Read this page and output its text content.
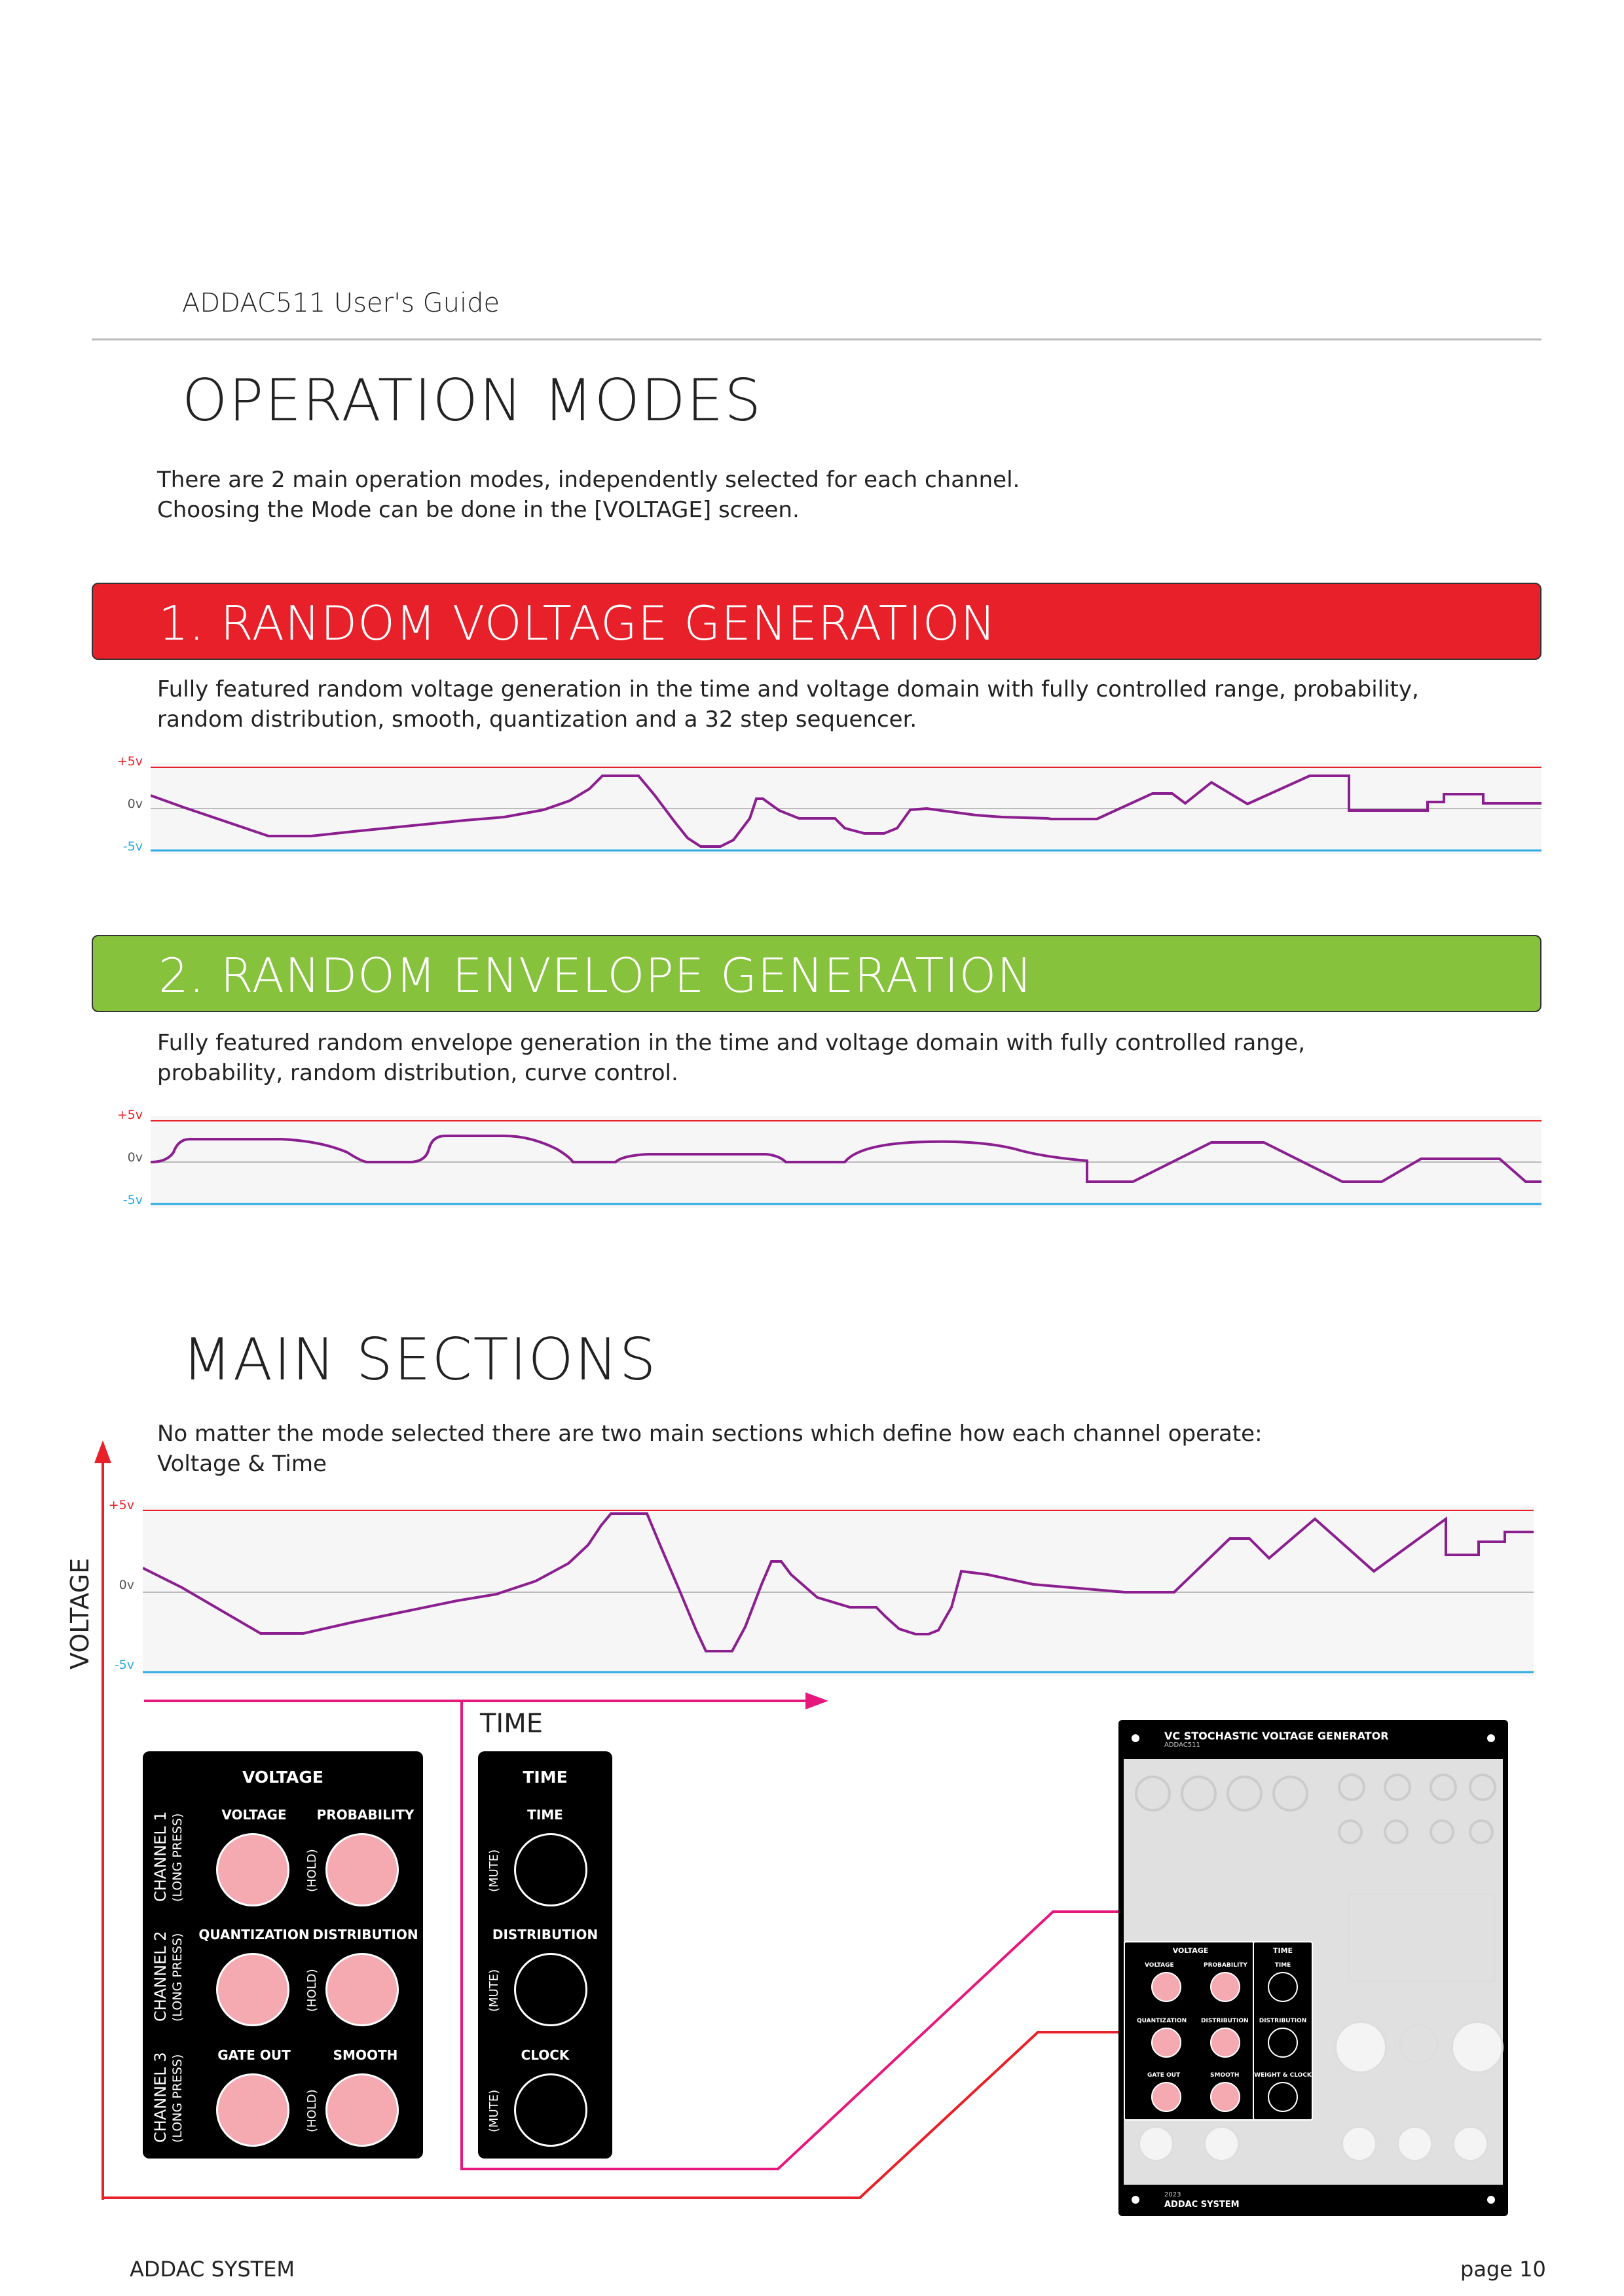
ADDAC511 User's Guide
OPERATION MODES
There are 2 main operation modes, independently selected for each channel.
Choosing the Mode can be done in the [VOLTAGE] screen.
1. RANDOM VOLTAGE GENERATION
Fully featured random voltage generation in the time and voltage domain with fully controlled range, probability,
random distribution, smooth, quantization and a 32 step sequencer.
+5v
0v
-5v
2. RANDOM ENVELOPE GENERATION
Fully featured random envelope generation in the time and voltage domain with fully controlled range,
probability, random distribution, curve control.
+5v
0v
-5v
MAIN SECTIONS
No matter the mode selected there are two main sections which define how each channel operate:
Voltage & Time
VOLTAGE
TIME
+5v
0v
-5v
VOLTAGE
VOLTAGE	PROBABILITY
QUANTIZATION DISTRIBUTION
GATE OUT	SMOOTH
CHANNEL 1 (LONG PRESS)
CHANNEL 2 (LONG PRESS)
CHANNEL 3 (LONG PRESS)
(HOLD)
(HOLD)
(HOLD)
TIME
TIME
DISTRIBUTION
CLOCK
(MUTE)
(MUTE)
(MUTE)
VC STOCHASTIC VOLTAGE GENERATOR
ADDAC511
VOLTAGE
VOLTAGE	PROBABILITY
QUANTIZATION DISTRIBUTION
GATE OUT	SMOOTH
TIME
TIME
DISTRIBUTION
WEIGHT & CLOCK
2023
ADDAC SYSTEM
ADDAC SYSTEM	page 10
